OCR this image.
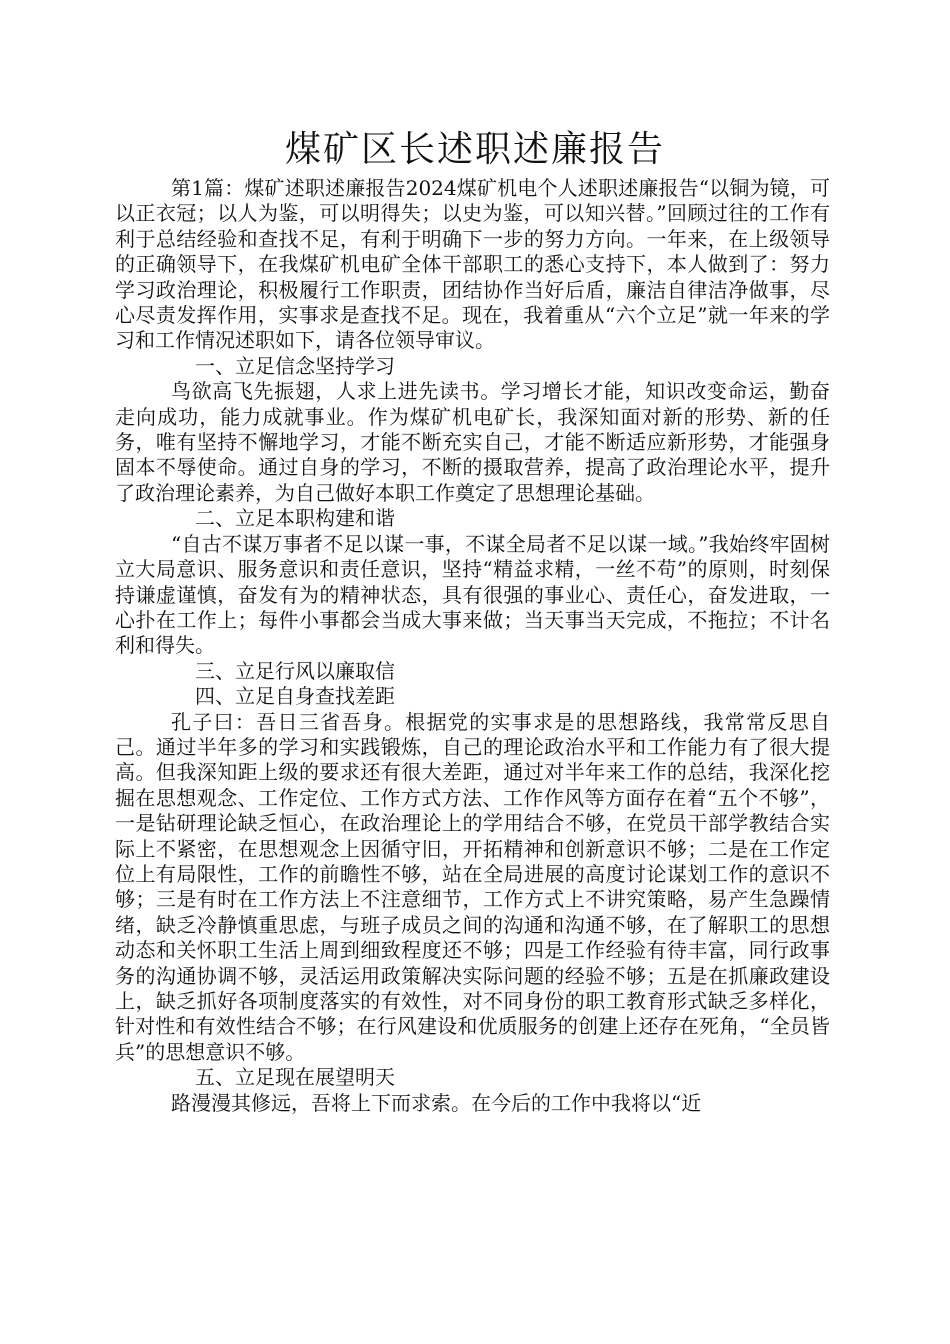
煤矿区长述职述廉报告

第1篇：煤矿述职述廉报告2024煤矿机电个人述职述廉报告“以铜为镜，可以正衣冠；以人为鉴，可以明得失；以史为鉴，可以知兴替。”回顾过往的工作有利于总结经验和查找不足，有利于明确下一步的努力方向。一年来，在上级领导的正确领导下，在我煤矿机电矿全体干部职工的悉心支持下，本人做到了：努力学习政治理论，积极履行工作职责，团结协作当好后盾，廉洁自律洁净做事，尽心尽责发挥作用，实事求是查找不足。现在，我着重从“六个立足”就一年来的学习和工作情况述职如下，请各位领导审议。

一、立足信念坚持学习

鸟欲高飞先振翅，人求上进先读书。学习增长才能，知识改变命运，勤奋走向成功，能力成就事业。作为煤矿机电矿长，我深知面对新的形势、新的任务，唯有坚持不懈地学习，才能不断充实自己，才能不断适应新形势，才能强身固本不辱使命。通过自身的学习，不断的摄取营养，提高了政治理论水平，提升了政治理论素养，为自己做好本职工作奠定了思想理论基础。

二、立足本职构建和谐

“自古不谋万事者不足以谋一事，不谋全局者不足以谋一域。”我始终牢固树立大局意识、服务意识和责任意识，坚持“精益求精，一丝不苟”的原则，时刻保持谦虚谨慎，奋发有为的精神状态，具有很强的事业心、责任心，奋发进取，一心扑在工作上；每件小事都会当成大事来做；当天事当天完成，不拖拉；不计名利和得失。

三、立足行风以廉取信

四、立足自身查找差距

孔子曰：吾日三省吾身。根据党的实事求是的思想路线，我常常反思自己。通过半年多的学习和实践锻炼，自己的理论政治水平和工作能力有了很大提高。但我深知距上级的要求还有很大差距，通过对半年来工作的总结，我深化挖掘在思想观念、工作定位、工作方式方法、工作作风等方面存在着“五个不够”，一是钻研理论缺乏恒心，在政治理论上的学用结合不够，在党员干部学教结合实际上不紧密，在思想观念上因循守旧，开拓精神和创新意识不够；二是在工作定位上有局限性，工作的前瞻性不够，站在全局进展的高度讨论谋划工作的意识不够；三是有时在工作方法上不注意细节，工作方式上不讲究策略，易产生急躁情绪，缺乏冷静慎重思虑，与班子成员之间的沟通和沟通不够，在了解职工的思想动态和关怀职工生活上周到细致程度还不够；四是工作经验有待丰富，同行政事务的沟通协调不够，灵活运用政策解决实际问题的经验不够；五是在抓廉政建设上，缺乏抓好各项制度落实的有效性，对不同身份的职工教育形式缺乏多样化，针对性和有效性结合不够；在行风建设和优质服务的创建上还存在死角，“全员皆兵”的思想意识不够。

五、立足现在展望明天

路漫漫其修远，吾将上下而求索。在今后的工作中我将以“近
